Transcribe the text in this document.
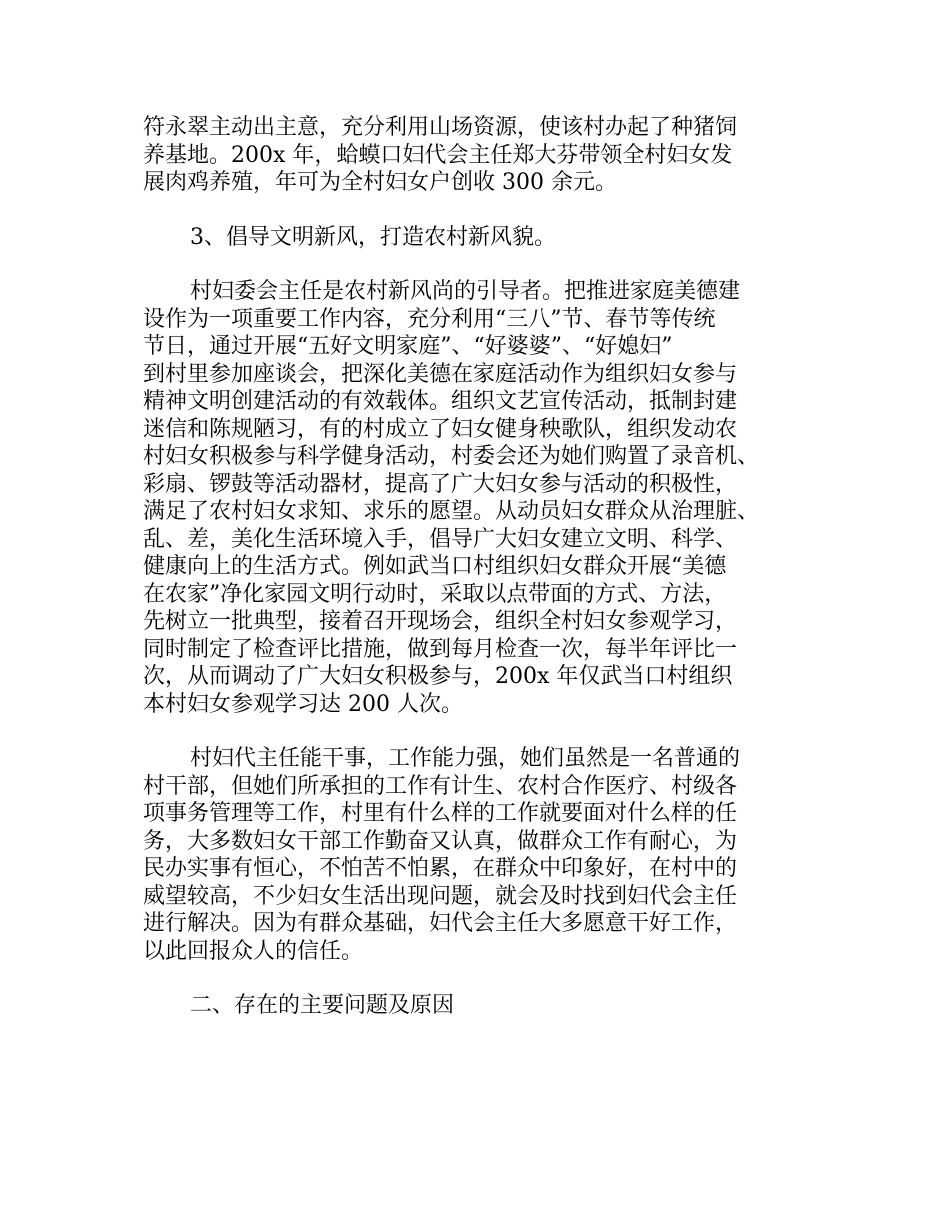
符永翠主动出主意，充分利用山场资源，使该村办起了种猪饲
养基地。200x 年，蛤蟆口妇代会主任郑大芬带领全村妇女发
展肉鸡养殖，年可为全村妇女户创收 300 余元。
3、倡导文明新风，打造农村新风貌。
村妇委会主任是农村新风尚的引导者。把推进家庭美德建
设作为一项重要工作内容，充分利用“三八”节、春节等传统
节日，通过开展“五好文明家庭”、“好婆婆”、“好媳妇”
到村里参加座谈会，把深化美德在家庭活动作为组织妇女参与
精神文明创建活动的有效载体。组织文艺宣传活动，抵制封建
迷信和陈规陋习，有的村成立了妇女健身秧歌队，组织发动农
村妇女积极参与科学健身活动，村委会还为她们购置了录音机、
彩扇、锣鼓等活动器材，提高了广大妇女参与活动的积极性，
满足了农村妇女求知、求乐的愿望。从动员妇女群众从治理脏、
乱、差，美化生活环境入手，倡导广大妇女建立文明、科学、
健康向上的生活方式。例如武当口村组织妇女群众开展“美德
在农家”净化家园文明行动时，采取以点带面的方式、方法，
先树立一批典型，接着召开现场会，组织全村妇女参观学习，
同时制定了检查评比措施，做到每月检查一次，每半年评比一
次，从而调动了广大妇女积极参与，200x 年仅武当口村组织
本村妇女参观学习达 200 人次。
村妇代主任能干事，工作能力强，她们虽然是一名普通的
村干部，但她们所承担的工作有计生、农村合作医疗、村级各
项事务管理等工作，村里有什么样的工作就要面对什么样的任
务，大多数妇女干部工作勤奋又认真，做群众工作有耐心，为
民办实事有恒心，不怕苦不怕累，在群众中印象好，在村中的
威望较高，不少妇女生活出现问题，就会及时找到妇代会主任
进行解决。因为有群众基础，妇代会主任大多愿意干好工作，
以此回报众人的信任。
二、存在的主要问题及原因
